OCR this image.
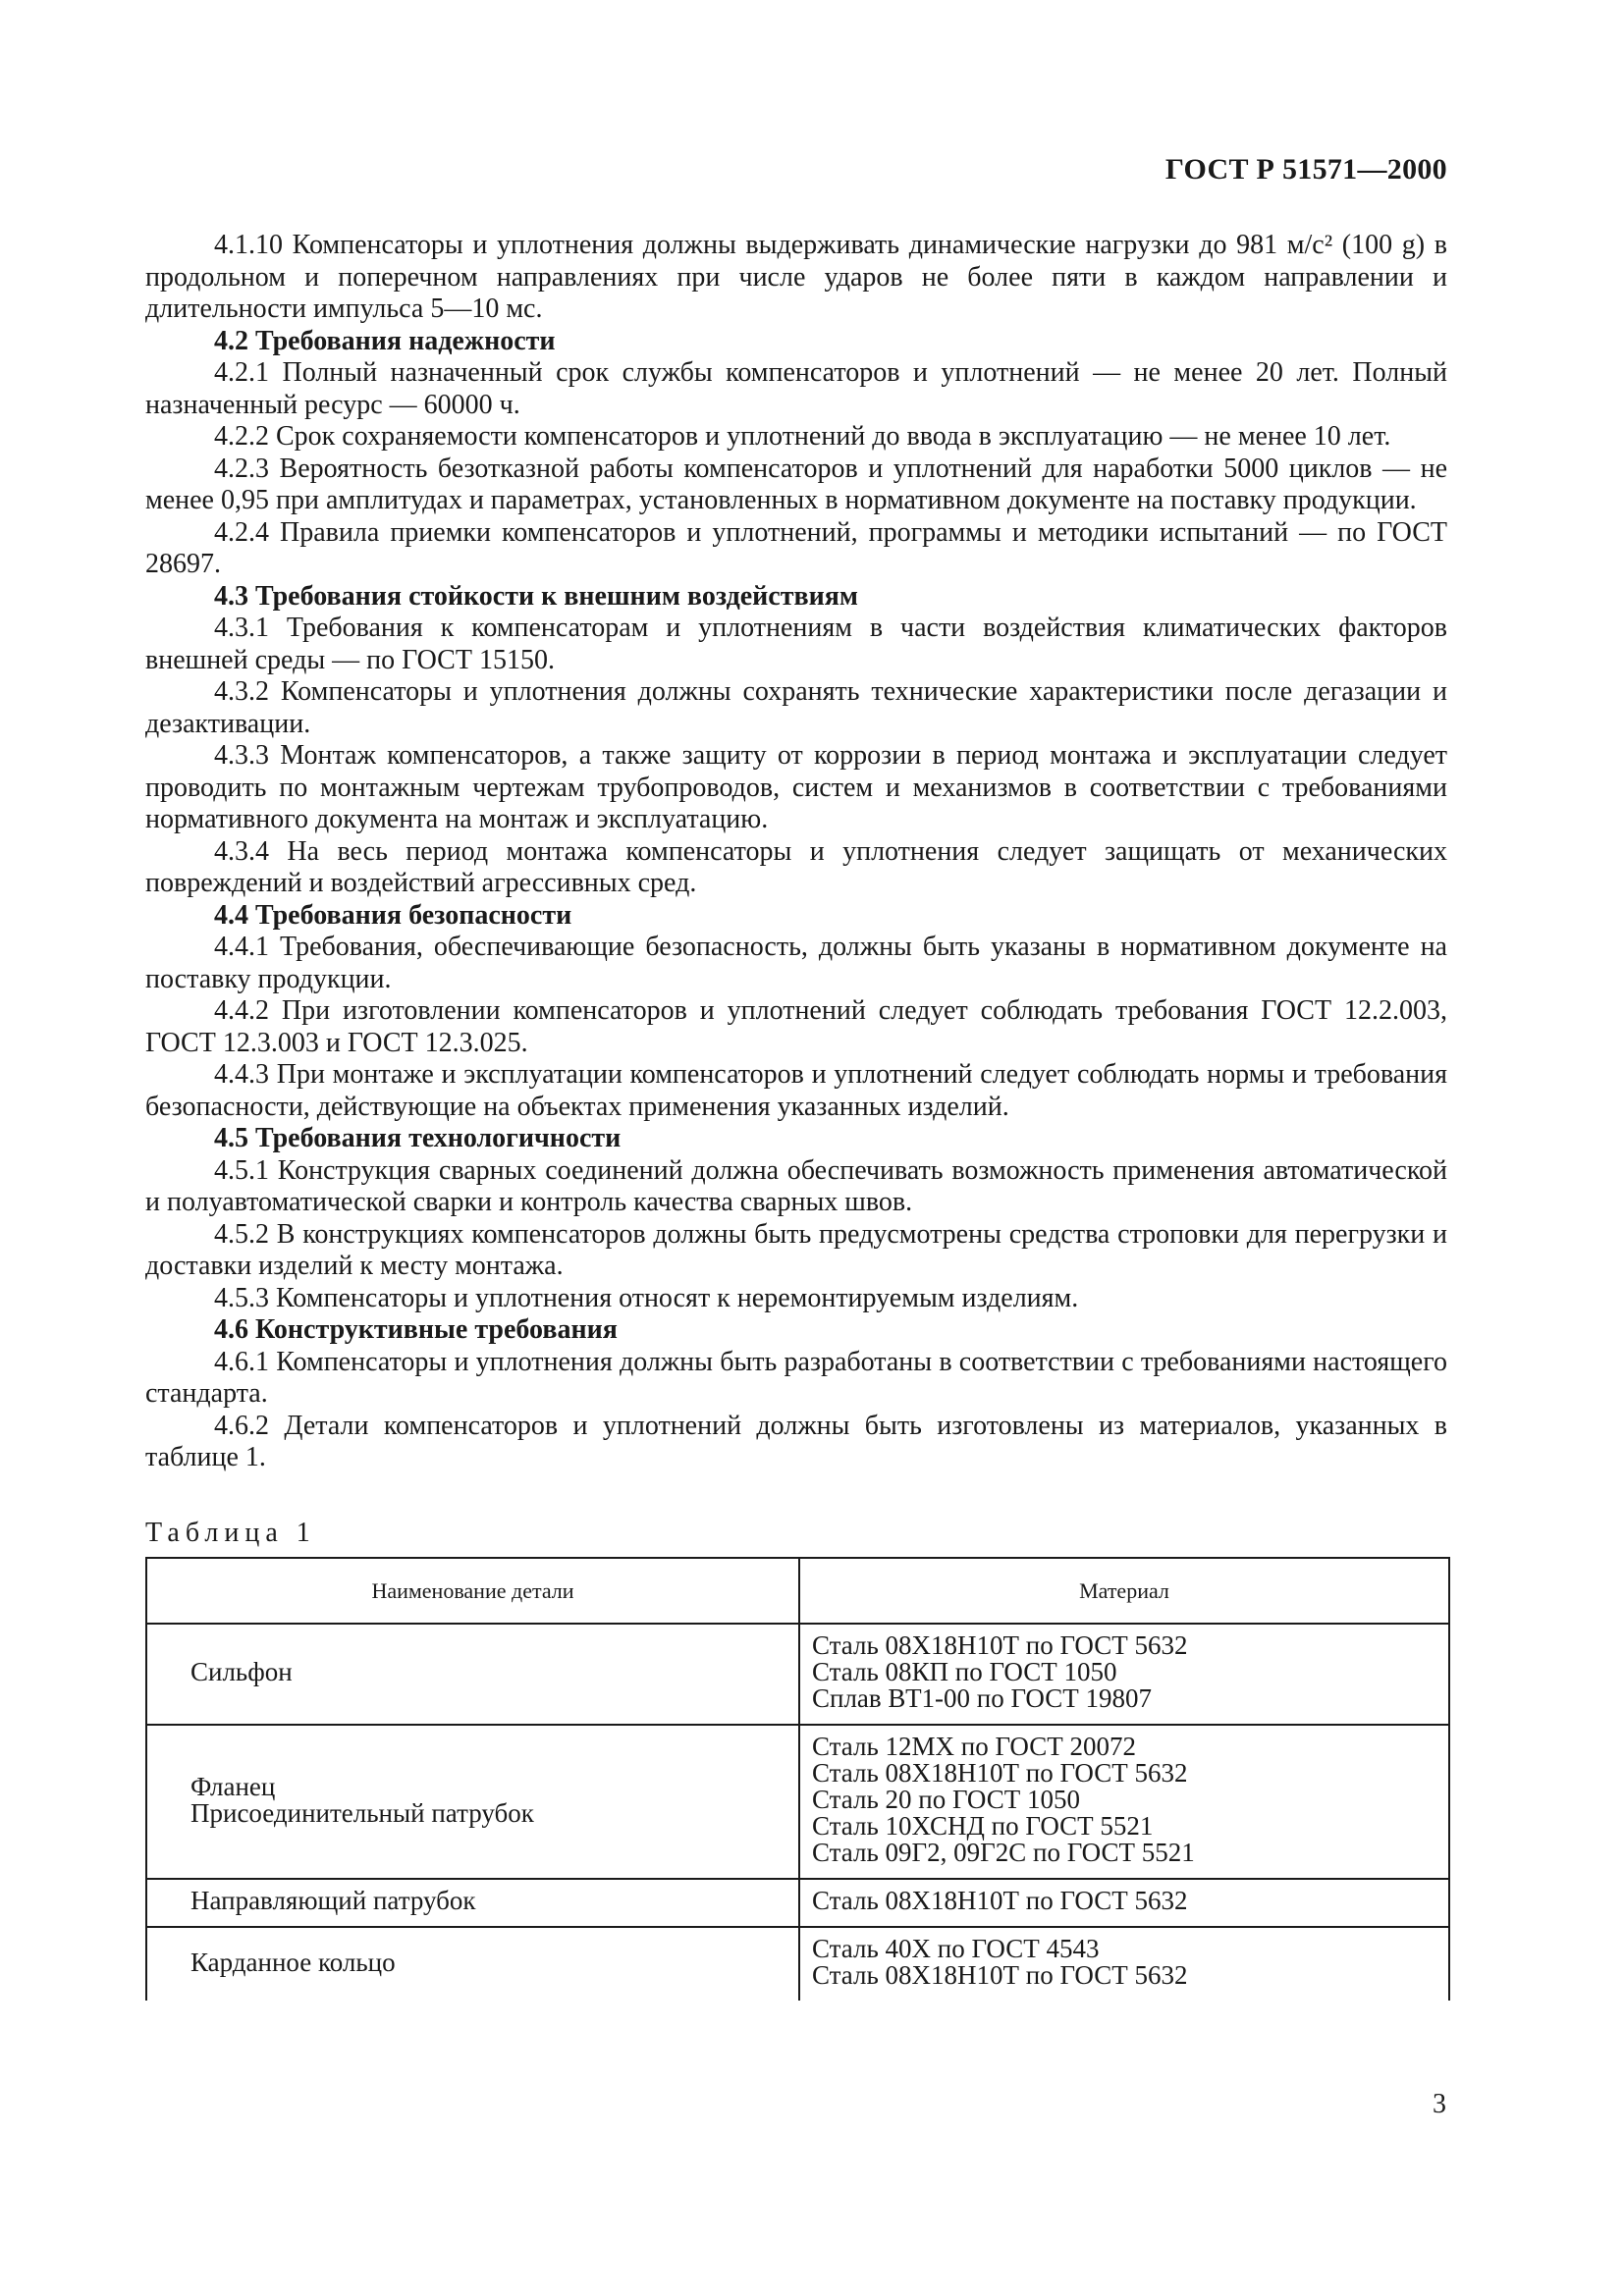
ГОСТ Р 51571—2000

4.1.10 Компенсаторы и уплотнения должны выдерживать динамические нагрузки до 981 м/с² (100 g) в продольном и поперечном направлениях при числе ударов не более пяти в каждом направлении и длительности импульса 5—10 мс.

4.2 Требования надежности

4.2.1 Полный назначенный срок службы компенсаторов и уплотнений — не менее 20 лет. Полный назначенный ресурс — 60000 ч.

4.2.2 Срок сохраняемости компенсаторов и уплотнений до ввода в эксплуатацию — не менее 10 лет.

4.2.3 Вероятность безотказной работы компенсаторов и уплотнений для наработки 5000 циклов — не менее 0,95 при амплитудах и параметрах, установленных в нормативном документе на поставку продукции.

4.2.4 Правила приемки компенсаторов и уплотнений, программы и методики испытаний — по ГОСТ 28697.

4.3 Требования стойкости к внешним воздействиям

4.3.1 Требования к компенсаторам и уплотнениям в части воздействия климатических факторов внешней среды — по ГОСТ 15150.

4.3.2 Компенсаторы и уплотнения должны сохранять технические характеристики после дегазации и дезактивации.

4.3.3 Монтаж компенсаторов, а также защиту от коррозии в период монтажа и эксплуатации следует проводить по монтажным чертежам трубопроводов, систем и механизмов в соответствии с требованиями нормативного документа на монтаж и эксплуатацию.

4.3.4 На весь период монтажа компенсаторы и уплотнения следует защищать от механических повреждений и воздействий агрессивных сред.

4.4 Требования безопасности

4.4.1 Требования, обеспечивающие безопасность, должны быть указаны в нормативном документе на поставку продукции.

4.4.2 При изготовлении компенсаторов и уплотнений следует соблюдать требования ГОСТ 12.2.003, ГОСТ 12.3.003 и ГОСТ 12.3.025.

4.4.3 При монтаже и эксплуатации компенсаторов и уплотнений следует соблюдать нормы и требования безопасности, действующие на объектах применения указанных изделий.

4.5 Требования технологичности

4.5.1 Конструкция сварных соединений должна обеспечивать возможность применения автоматической и полуавтоматической сварки и контроль качества сварных швов.

4.5.2 В конструкциях компенсаторов должны быть предусмотрены средства строповки для перегрузки и доставки изделий к месту монтажа.

4.5.3 Компенсаторы и уплотнения относят к неремонтируемым изделиям.

4.6 Конструктивные требования

4.6.1 Компенсаторы и уплотнения должны быть разработаны в соответствии с требованиями настоящего стандарта.

4.6.2 Детали компенсаторов и уплотнений должны быть изготовлены из материалов, указанных в таблице 1.

Таблица 1
Наименование детали	Материал

Сильфон	Сталь 08Х18Н10Т по ГОСТ 5632
Сталь 08КП по ГОСТ 1050
Сплав ВТ1-00 по ГОСТ 19807

Фланец
Присоединительный патрубок	Сталь 12МХ по ГОСТ 20072
Сталь 08Х18Н10Т по ГОСТ 5632
Сталь 20 по ГОСТ 1050
Сталь 10ХСНД по ГОСТ 5521
Сталь 09Г2, 09Г2С по ГОСТ 5521

Направляющий патрубок	Сталь 08Х18Н10Т по ГОСТ 5632

Карданное кольцо	Сталь 40Х по ГОСТ 4543
Сталь 08Х18Н10Т по ГОСТ 5632
3
